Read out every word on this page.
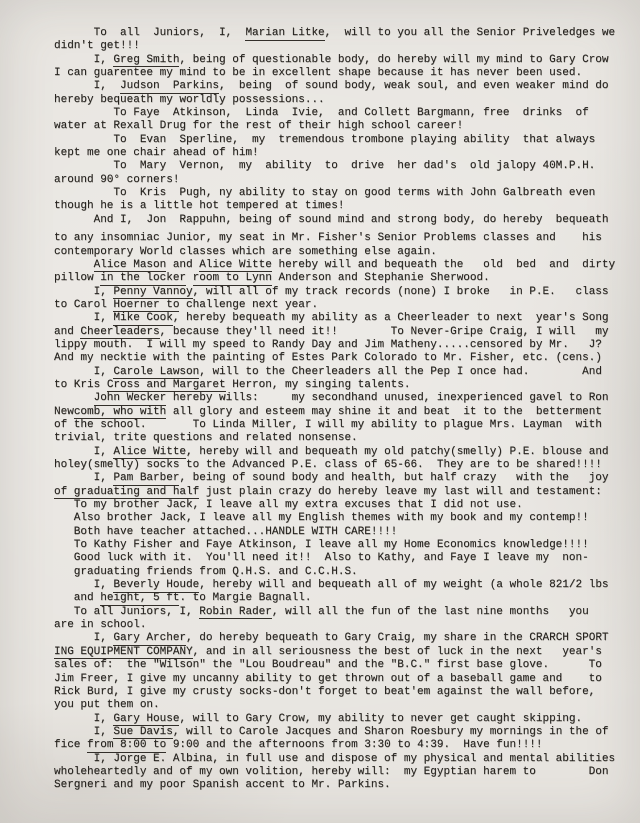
To  all  Juniors,  I,  Marian Litke,  will to you all the Senior Priveledges we
didn't get!!!
I, Greg Smith, being of questionable body, do hereby will my mind to Gary Crow
I can guarentee my mind to be in excellent shape because it has never been used.
I,  Judson  Parkins,  being  of sound body, weak soul, and even weaker mind do
hereby bequeath my worldly possessions...
To Faye  Atkinson,  Linda  Ivie,  and Collett Bargmann, free  drinks  of
water at Rexall Drug for the rest of their high school career!
To  Evan  Sperline,  my  tremendous trombone playing ability  that always
kept me one chair ahead of him!
To  Mary  Vernon,  my  ability  to  drive  her dad's  old jalopy 40M.P.H.
around 90° corners!
To  Kris  Pugh, ny ability to stay on good terms with John Galbreath even
though he is a little hot tempered at times!
And I,  Jon  Rappuhn, being of sound mind and strong body, do hereby  bequeath
to any insomniac Junior, my seat in Mr. Fisher's Senior Problems classes and    his
contemporary World classes which are something else again.
Alice Mason and Alice Witte hereby will and bequeath the   old  bed  and  dirty
pillow in the locker room to Lynn Anderson and Stephanie Sherwood.
I, Penny Vannoy, will all of my track records (none) I broke   in P.E.   class
to Carol Hoerner to challenge next year.
I, Mike Cook, hereby bequeath my ability as a Cheerleader to next  year's Song
and Cheerleaders, because they'll need it!!        To Never-Gripe Craig, I will   my
lippy mouth.  I will my speed to Randy Day and Jim Matheny.....censored by Mr.   J?
And my necktie with the painting of Estes Park Colorado to Mr. Fisher, etc. (cens.)
I, Carole Lawson, will to the Cheerleaders all the Pep I once had.        And
to Kris Cross and Margaret Herron, my singing talents.
John Wecker hereby wills:     my secondhand unused, inexperienced gavel to Ron
Newcomb, who with all glory and esteem may shine it and beat  it to the  betterment
of the school.       To Linda Miller, I will my ability to plague Mrs. Layman  with
trivial, trite questions and related nonsense.
I, Alice Witte, hereby will and bequeath my old patchy(smelly) P.E. blouse and
holey(smelly) socks to the Advanced P.E. class of 65-66.  They are to be shared!!!!
I, Pam Barber, being of sound body and health, but half crazy   with the   joy
of graduating and half just plain crazy do hereby leave my last will and testament:
To my brother Jack, I leave all my extra excuses that I did not use.
Also brother Jack, I leave all my English themes with my book and my contemp!!
Both have teacher attached...HANDLE WITH CARE!!!!
To Kathy Fisher and Faye Atkinson, I leave all my Home Economics knowledge!!!!
Good luck with it.  You'll need it!!  Also to Kathy, and Faye I leave my  non-
graduating friends from Q.H.S. and C.C.H.S.
I, Beverly Houde, hereby will and bequeath all of my weight (a whole 821/2 lbs
and height, 5 ft. to Margie Bagnall.
To all Juniors, I, Robin Rader, will all the fun of the last nine months   you
are in school.
I, Gary Archer, do hereby bequeath to Gary Craig, my share in the CRARCH SPORT
ING EQUIPMENT COMPANY, and in all seriousness the best of luck in the next   year's
sales of:  the "Wilson" the "Lou Boudreau" and the "B.C." first base glove.      To
Jim Freer, I give my uncanny ability to get thrown out of a baseball game and    to
Rick Burd, I give my crusty socks-don't forget to beat'em against the wall before,
you put them on.
I, Gary House, will to Gary Crow, my ability to never get caught skipping.
I, Sue Davis, will to Carole Jacques and Sharon Roesbury my mornings in the of
fice from 8:00 to 9:00 and the afternoons from 3:30 to 4:39.  Have fun!!!!
I, Jorge E. Albina, in full use and dispose of my physical and mental abilities
wholeheartedly and of my own volition, hereby will:  my Egyptian harem to        Don
Sergneri and my poor Spanish accent to Mr. Parkins.
